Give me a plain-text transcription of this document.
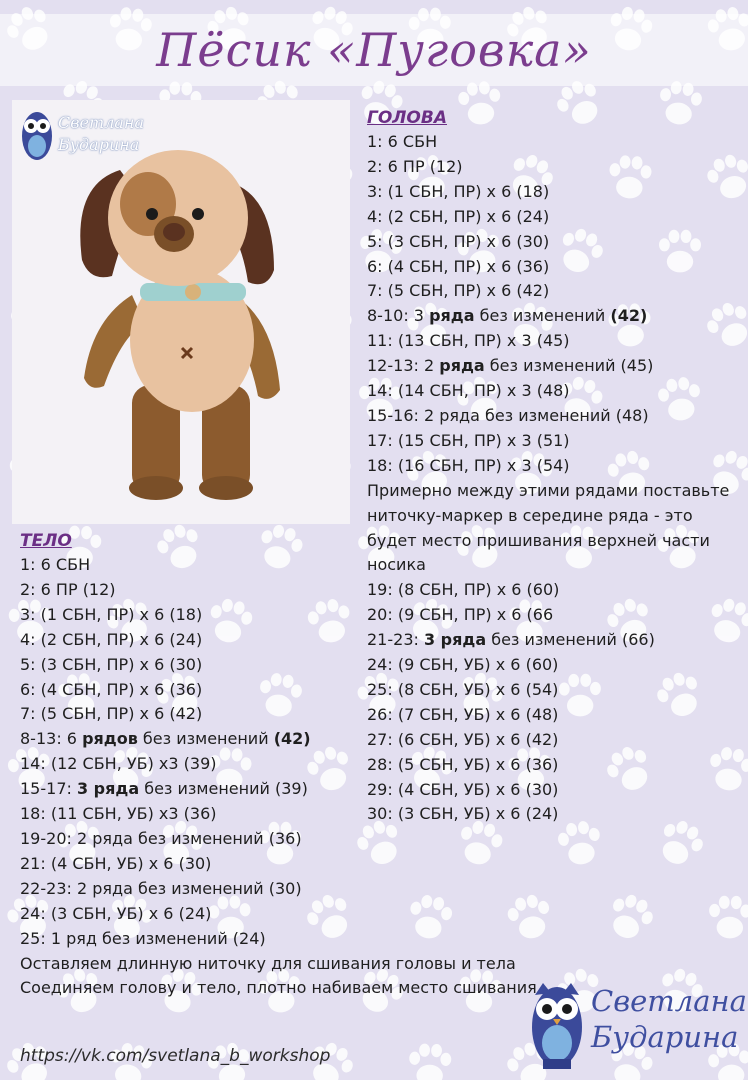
Пёсик «Пуговка»
Светлана
Бударина
ГОЛОВА
1: 6 СБН
2: 6 ПР (12)
3: (1 СБН, ПР) х 6 (18)
4: (2 СБН, ПР) х 6 (24)
5: (3 СБН, ПР) х 6 (30)
6: (4 СБН, ПР) х 6 (36)
7: (5 СБН, ПР) х 6 (42)
8-10: 3 ряда без изменений (42)
11: (13 СБН, ПР) х 3 (45)
12-13: 2 ряда без изменений (45)
14: (14 СБН, ПР) х 3 (48)
15-16: 2 ряда без изменений (48)
17: (15 СБН, ПР) х 3 (51)
18: (16 СБН, ПР) х 3 (54)
Примерно между этими рядами поставьте ниточку-маркер в середине ряда - это будет место пришивания верхней части носика
19: (8 СБН, ПР) х 6 (60)
20: (9 СБН, ПР) х 6 (66
21-23: 3 ряда без изменений (66)
24: (9 СБН, УБ) х 6 (60)
25: (8 СБН, УБ) х 6 (54)
26: (7 СБН, УБ) х 6 (48)
27: (6 СБН, УБ) х 6 (42)
28: (5 СБН, УБ) х 6 (36)
29: (4 СБН, УБ) х 6 (30)
30: (3 СБН, УБ) х 6 (24)
ТЕЛО
1: 6 СБН
2: 6 ПР (12)
3: (1 СБН, ПР) х 6 (18)
4: (2 СБН, ПР) х 6 (24)
5: (3 СБН, ПР) х 6 (30)
6: (4 СБН, ПР) х 6 (36)
7: (5 СБН, ПР) х 6 (42)
8-13: 6 рядов без изменений (42)
14: (12 СБН, УБ) х3 (39)
15-17: 3 ряда без изменений (39)
18: (11 СБН, УБ) х3 (36)
19-20: 2 ряда без изменений (36)
21: (4 СБН, УБ) х 6 (30)
22-23: 2 ряда без изменений (30)
24: (3 СБН, УБ) х 6 (24)
25: 1 ряд без изменений (24)
Оставляем длинную ниточку для сшивания головы и тела
Соединяем голову и тело, плотно набиваем место сшивания
https://vk.com/svetlana_b_workshop
Светлана
Бударина
